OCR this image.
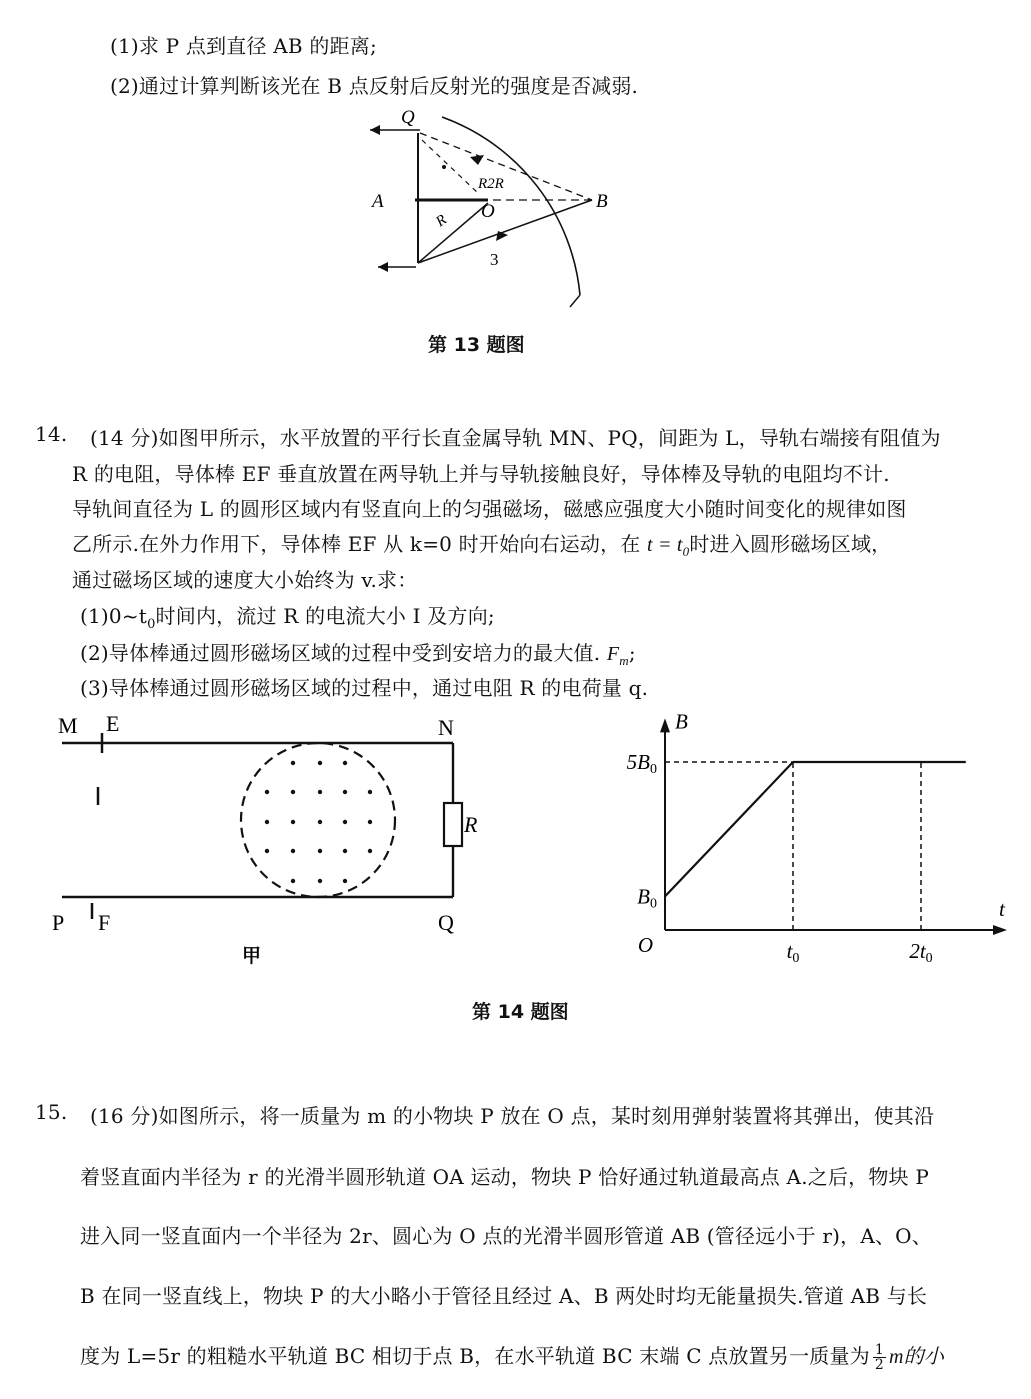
(1)求 P 点到直径 AB 的距离;
(2)通过计算判断该光在 B 点反射后反射光的强度是否减弱.
Q
A	O	B
R2R
R
3
第 13 题图
14. (14 分)如图甲所示，水平放置的平行长直金属导轨 MN、PQ，间距为 L，导轨右端接有阻值为
R 的电阻，导体棒 EF 垂直放置在两导轨上并与导轨接触良好，导体棒及导轨的电阻均不计.
导轨间直径为 L 的圆形区域内有竖直向上的匀强磁场，磁感应强度大小随时间变化的规律如图
乙所示.在外力作用下，导体棒 EF 从 k=0 时开始向右运动，在 $t = t_0$时进入圆形磁场区域，
通过磁场区域的速度大小始终为 v.求：
$(1)0\sim t_0$时间内，流过 R 的电流大小 I 及方向;
(2)导体棒通过圆形磁场区域的过程中受到安培力的最大值. $F_m$;
(3)导体棒通过圆形磁场区域的过程中，通过电阻 R 的电荷量 q.
M E	N
R
P F	Q
甲
5B0
B0
t0	2t0
O
t
B
第 14 题图
15. (16 分)如图所示，将一质量为 m 的小物块 P 放在 O 点，某时刻用弹射装置将其弹出，使其沿
着竖直面内半径为 r 的光滑半圆形轨道 OA 运动，物块 P 恰好通过轨道最高点 A.之后，物块 P
进入同一竖直面内一个半径为 2r、圆心为 O 点的光滑半圆形管道 AB (管径远小于 r)，A、O、
B 在同一竖直线上，物块 P 的大小略小于管径且经过 A、B 两处时均无能量损失.管道 AB 与长
度为 L=5r 的粗糙水平轨道 BC 相切于点 B，在水平轨道 BC 末端 C 点放置另一质量为 $\frac{1}{2}$ m的小
